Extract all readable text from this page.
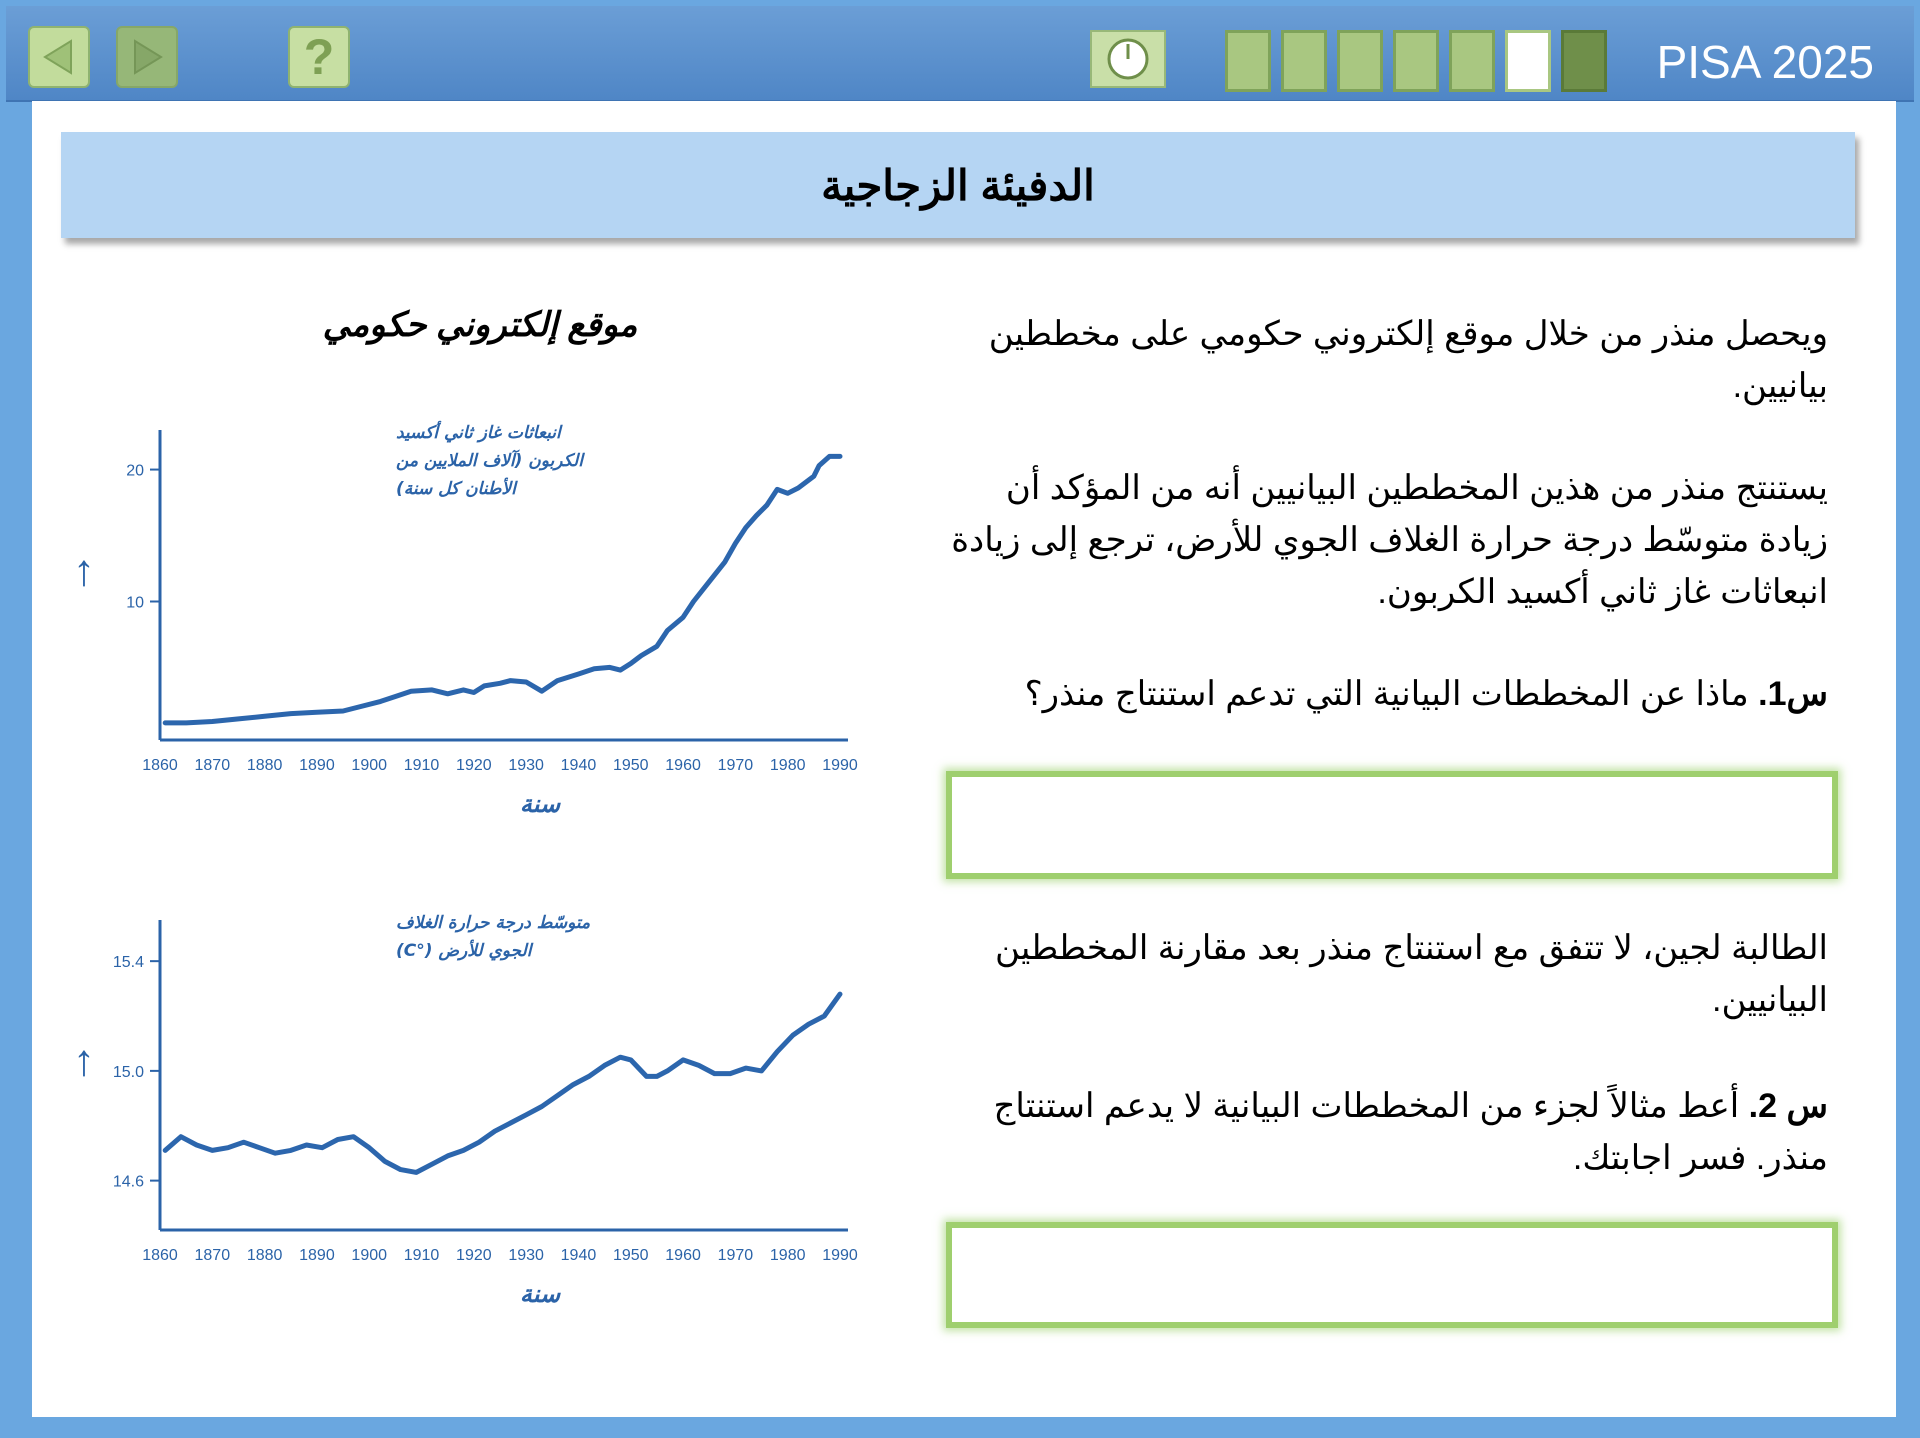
?	PISA 2025
الدفيئة الزجاجية

ويحصل منذر من خلال موقع إلكتروني حكومي على مخططين بيانيين.

يستنتج منذر من هذين المخططين البيانيين أنه من المؤكد أن زيادة متوسّط درجة حرارة الغلاف الجوي للأرض، ترجع إلى زيادة انبعاثات غاز ثاني أكسيد الكربون.

س1. ماذا عن المخططات البيانية التي تدعم استنتاج منذر؟

الطالبة لجين، لا تتفق مع استنتاج منذر بعد مقارنة المخططين البيانيين.

س 2. أعط مثالاً لجزء من المخططات البيانية لا يدعم استنتاج منذر. فسر اجابتك.

موقع إلكتروني حكومي
10
20
1860 1870 1880 1890 1900 1910 1920 1930 1940 1950 1960 1970 1980 1990
سنة
↑
انبعاثات غاز ثاني أكسيد
الكربون (آلاف الملايين من
الأطنان كل سنة)
14.6
15.0
15.4
1860 1870 1880 1890 1900 1910 1920 1930 1940 1950 1960 1970 1980 1990
سنة
↑
متوسّط درجة حرارة الغلاف
الجوي للأرض (°C)
